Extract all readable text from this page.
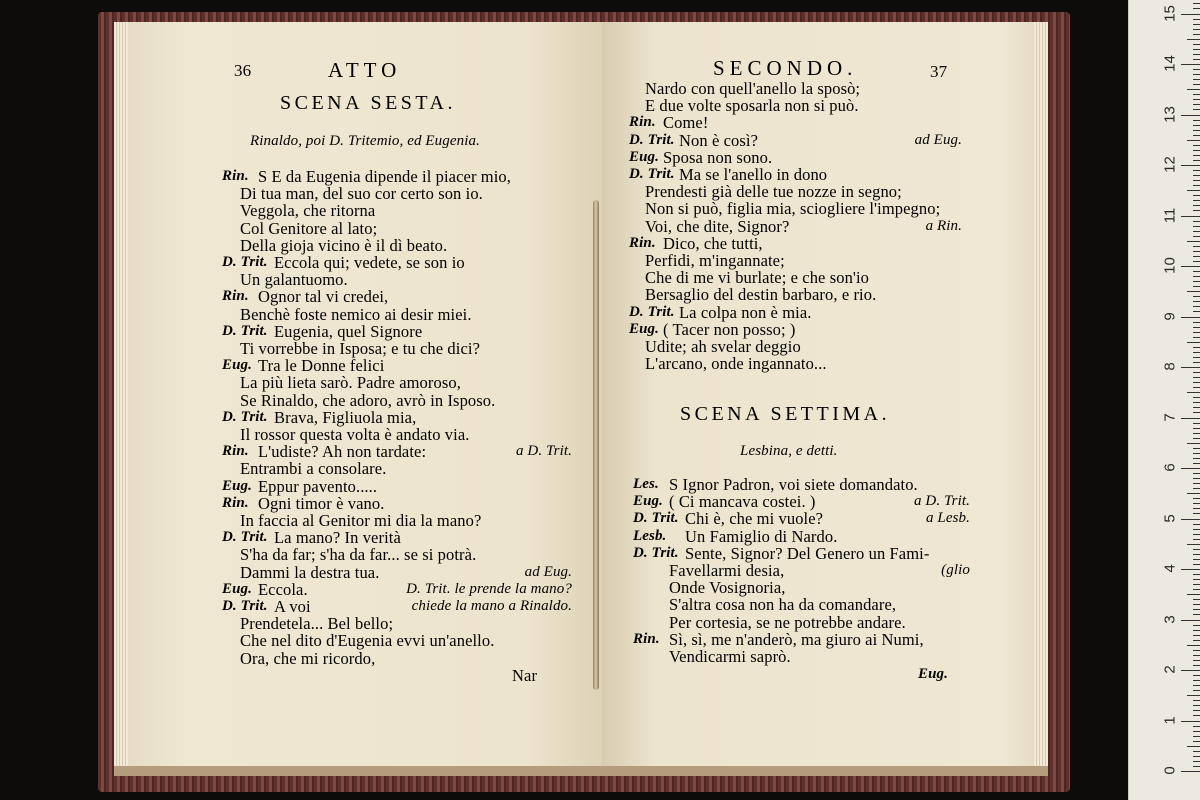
36	ATTO
SCENA SESTA.
Rinaldo, poi D. Tritemio, ed Eugenia.
Rin. S E da Eugenia dipende il piacer mio,
Di tua man, del suo cor certo son io.
Veggola, che ritorna
Col Genitore al lato;
Della gioja vicino è il dì beato.
D. Trit. Eccola qui; vedete, se son io
Un galantuomo.
Rin. Ognor tal vi credei,
Benchè foste nemico ai desir miei.
D. Trit. Eugenia, quel Signore
Ti vorrebbe in Isposa; e tu che dici?
Eug. Tra le Donne felici
La più lieta sarò. Padre amoroso,
Se Rinaldo, che adoro, avrò in Isposo.
D. Trit. Brava, Figliuola mia,
Il rossor questa volta è andato via.
Rin. L'udiste? Ah non tardate:	a D. Trit.
Entrambi a consolare.
Eug. Eppur pavento.....
Rin. Ogni timor è vano.
In faccia al Genitor mi dia la mano?
D. Trit. La mano? In verità
S'ha da far; s'ha da far... se si potrà.
Dammi la destra tua.	ad Eug.
Eug. Eccola.	D. Trit. le prende la mano?
D. Trit. A voi	chiede la mano a Rinaldo.
Prendetela... Bel bello;
Che nel dito d'Eugenia evvi un'anello.
Ora, che mi ricordo,
Nar
SECONDO.	37
Nardo con quell'anello la sposò;
E due volte sposarla non si può.
Rin. Come!
D. Trit. Non è così?	ad Eug.
Eug. Sposa non sono.
D. Trit. Ma se l'anello in dono
Prendesti già delle tue nozze in segno;
Non si può, figlia mia, sciogliere l'impegno;
Voi, che dite, Signor?	a Rin.
Rin. Dico, che tutti,
Perfidi, m'ingannate;
Che di me vi burlate; e che son'io
Bersaglio del destin barbaro, e rio.
D. Trit. La colpa non è mia.
Eug. ( Tacer non posso; )
Udite; ah svelar deggio
L'arcano, onde ingannato...
SCENA SETTIMA.
Lesbina, e detti.
Les. S Ignor Padron, voi siete domandato.
Eug. ( Ci mancava costei. )	a D. Trit.
D. Trit. Chi è, che mi vuole?	a Lesb.
Lesb. Un Famiglio di Nardo.
D. Trit. Sente, Signor? Del Genero un Fami-
Favellarmi desia,	(glio
Onde Vosignoria,
S'altra cosa non ha da comandare,
Per cortesia, se ne potrebbe andare.
Rin. Sì, sì, me n'anderò, ma giuro ai Numi,
Vendicarmi saprò.
Eug.
0
1
2
3
4
5
6
7
8
9
10
11
12
13
14
15
